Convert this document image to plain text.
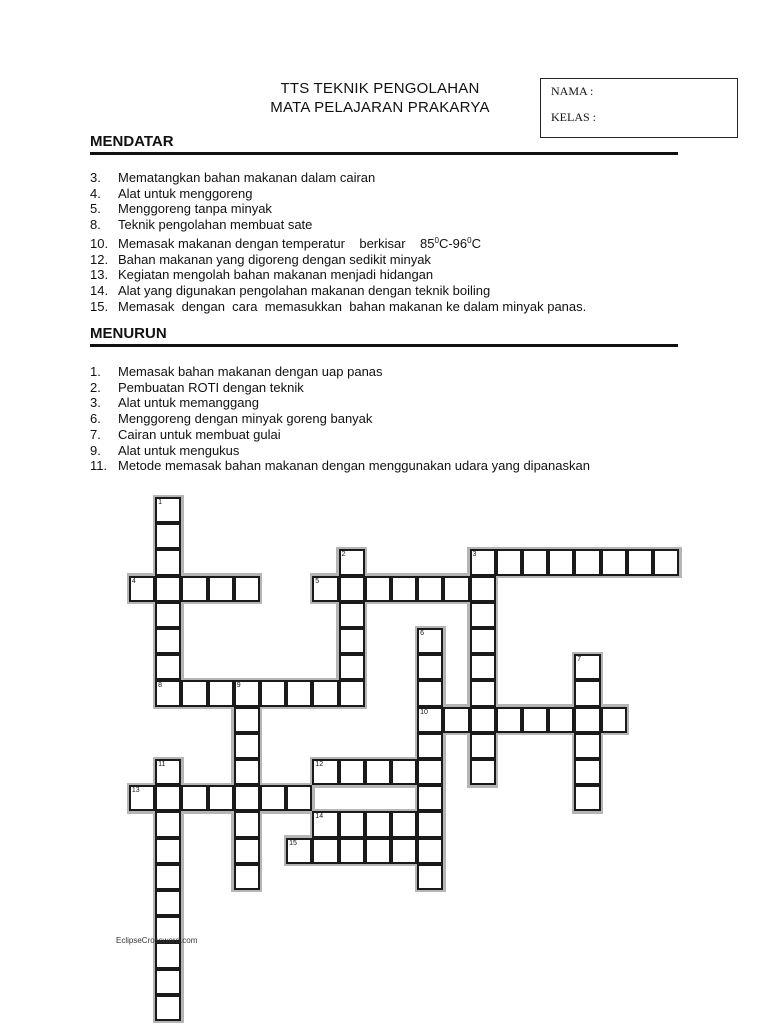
TTS TEKNIK PENGOLAHAN
MATA PELAJARAN PRAKARYA
NAMA :
KELAS :
MENDATAR
3. Mematangkan bahan makanan dalam cairan
4. Alat untuk menggoreng
5. Menggoreng tanpa minyak
8. Teknik pengolahan membuat sate
10. Memasak makanan dengan temperatur    berkisar    $85^0C-96^0C$
12. Bahan makanan yang digoreng dengan sedikit minyak
13. Kegiatan mengolah bahan makanan menjadi hidangan
14. Alat yang digunakan pengolahan makanan dengan teknik boiling
15. Memasak  dengan  cara  memasukkan  bahan makanan ke dalam minyak panas.
MENURUN
1. Memasak bahan makanan dengan uap panas
2. Pembuatan ROTI dengan teknik
3. Alat untuk memanggang
6. Menggoreng dengan minyak goreng banyak
7. Cairan untuk membuat gulai
9. Alat untuk mengukus
11. Metode memasak bahan makanan dengan menggunakan udara yang dipanaskan
1
8
2	3
4	5
6
10
7
9
11	12
13
14
15
EclipseCrossword.com
